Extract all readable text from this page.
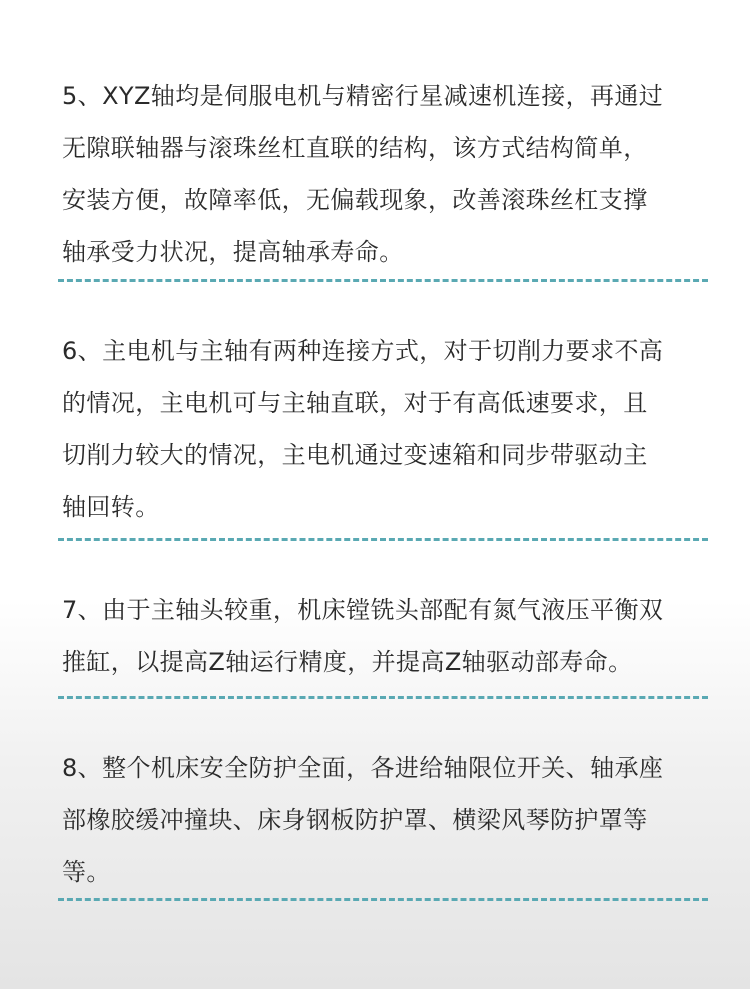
5、XYZ轴均是伺服电机与精密行星减速机连接，再通过

无隙联轴器与滚珠丝杠直联的结构，该方式结构简单，

安装方便，故障率低，无偏载现象，改善滚珠丝杠支撑

轴承受力状况，提高轴承寿命。

6、主电机与主轴有两种连接方式，对于切削力要求不高

的情况，主电机可与主轴直联，对于有高低速要求，且

切削力较大的情况，主电机通过变速箱和同步带驱动主

轴回转。

7、由于主轴头较重，机床镗铣头部配有氮气液压平衡双

推缸，以提高Z轴运行精度，并提高Z轴驱动部寿命。

8、整个机床安全防护全面，各进给轴限位开关、轴承座

部橡胶缓冲撞块、床身钢板防护罩、横梁风琴防护罩等

等。
